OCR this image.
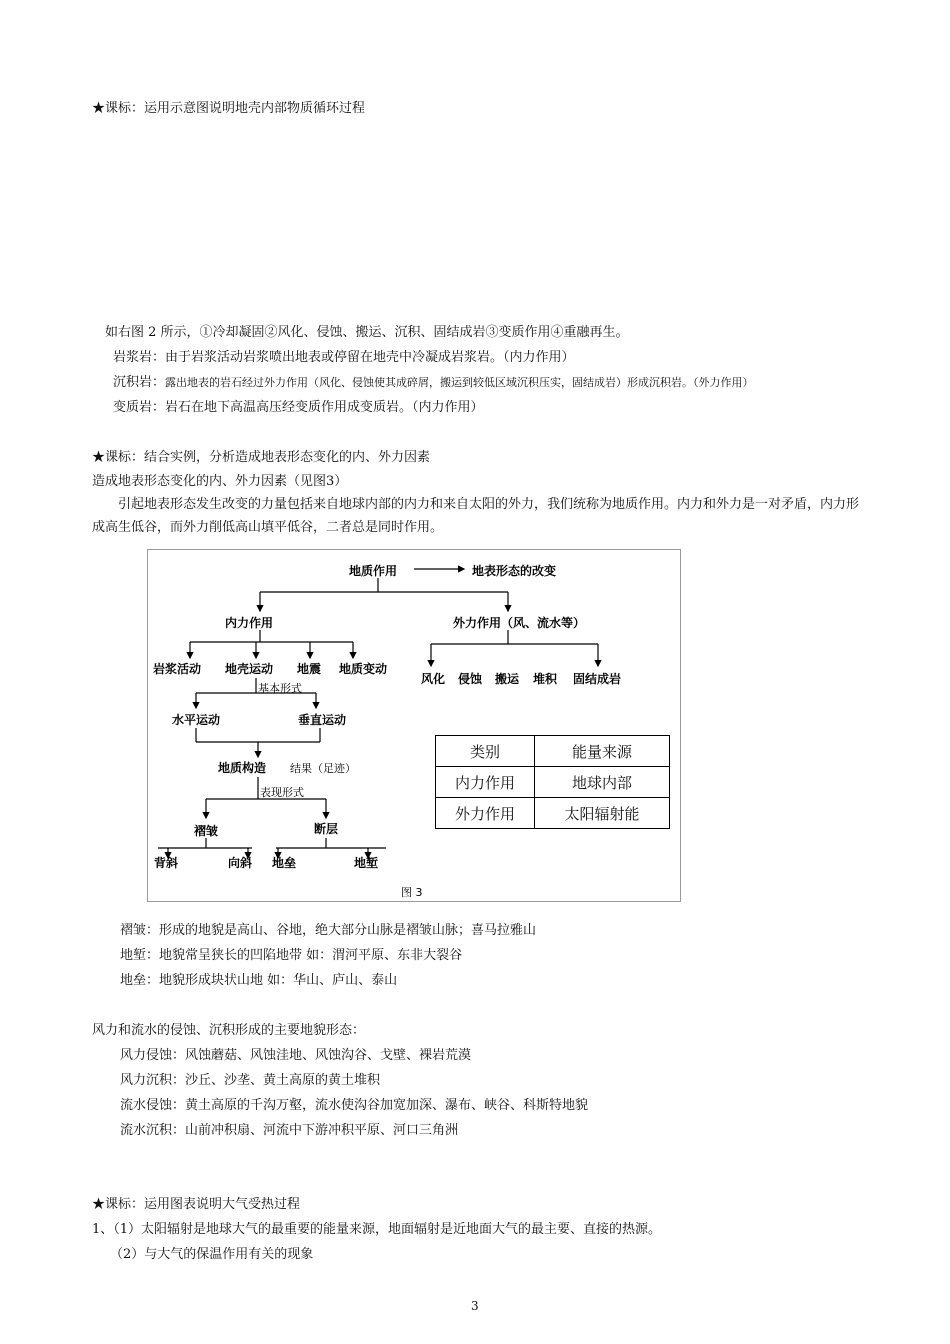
★课标：运用示意图说明地壳内部物质循环过程
如右图 2 所示，①冷却凝固②风化、侵蚀、搬运、沉积、固结成岩③变质作用④重融再生。
岩浆岩：由于岩浆活动岩浆喷出地表或停留在地壳中冷凝成岩浆岩。（内力作用）
沉积岩：露出地表的岩石经过外力作用（风化、侵蚀使其成碎屑，搬运到较低区域沉积压实，固结成岩）形成沉积岩。（外力作用）
变质岩：岩石在地下高温高压经变质作用成变质岩。（内力作用）
★课标：结合实例，分析造成地表形态变化的内、外力因素
造成地表形态变化的内、外力因素（见图3）
引起地表形态发生改变的力量包括来自地球内部的内力和来自太阳的外力，我们统称为地质作用。内力和外力是一对矛盾，内力形成高生低谷，而外力削低高山填平低谷，二者总是同时作用。
地质作用	地表形态的改变
内力作用	外力作用（风、流水等）
岩浆活动 地壳运动 地震 地质变动
风化 侵蚀 搬运 堆积 固结成岩
基本形式
水平运动	垂直运动
地质构造 结果（足迹）
表现形式
褶皱	断层
背斜	向斜 地垒	地堑
类别	能量来源
内力作用	地球内部
外力作用	太阳辐射能
图 3
褶皱：形成的地貌是高山、谷地，绝大部分山脉是褶皱山脉；喜马拉雅山
地堑：地貌常呈狭长的凹陷地带 如：渭河平原、东非大裂谷
地垒：地貌形成块状山地 如：华山、庐山、泰山
风力和流水的侵蚀、沉积形成的主要地貌形态：
风力侵蚀：风蚀蘑菇、风蚀洼地、风蚀沟谷、戈壁、裸岩荒漠
风力沉积：沙丘、沙垄、黄土高原的黄土堆积
流水侵蚀：黄土高原的千沟万壑，流水使沟谷加宽加深、瀑布、峡谷、科斯特地貌
流水沉积：山前冲积扇、河流中下游冲积平原、河口三角洲
★课标：运用图表说明大气受热过程
1、（1）太阳辐射是地球大气的最重要的能量来源，地面辐射是近地面大气的最主要、直接的热源。
（2）与大气的保温作用有关的现象
3
